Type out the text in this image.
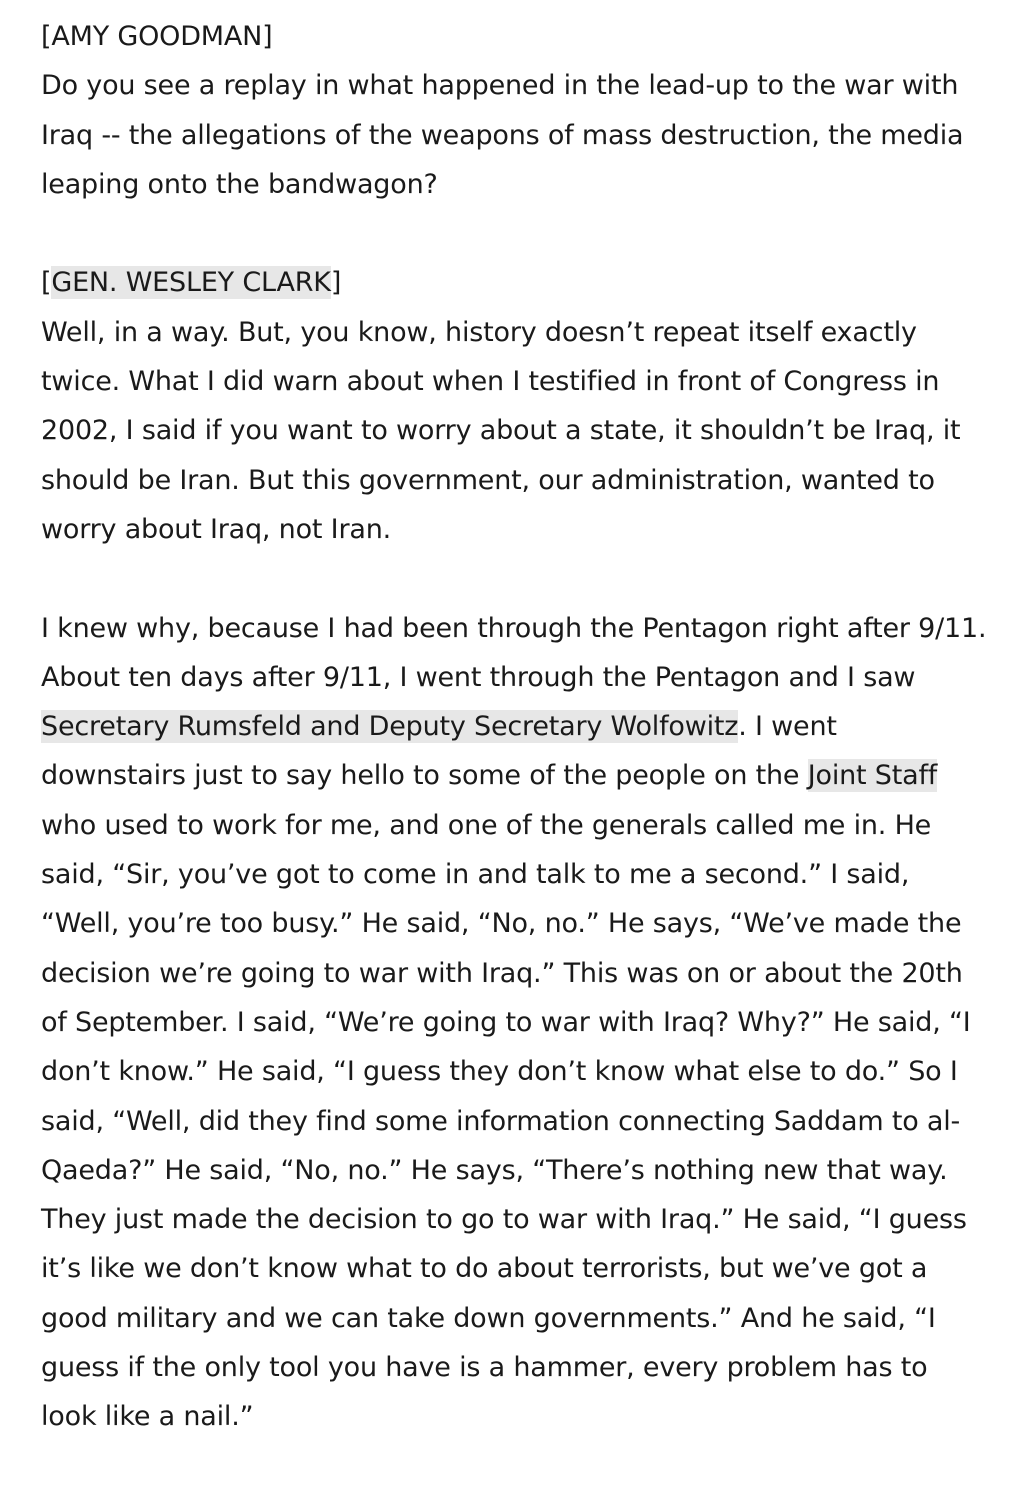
[AMY GOODMAN]
Do you see a replay in what happened in the lead-up to the war with Iraq -- the allegations of the weapons of mass destruction, the media leaping onto the bandwagon?
[GEN. WESLEY CLARK]
Well, in a way. But, you know, history doesn’t repeat itself exactly twice. What I did warn about when I testified in front of Congress in 2002, I said if you want to worry about a state, it shouldn’t be Iraq, it should be Iran. But this government, our administration, wanted to worry about Iraq, not Iran.
I knew why, because I had been through the Pentagon right after 9/11. About ten days after 9/11, I went through the Pentagon and I saw Secretary Rumsfeld and Deputy Secretary Wolfowitz. I went downstairs just to say hello to some of the people on the Joint Staff who used to work for me, and one of the generals called me in. He said, “Sir, you’ve got to come in and talk to me a second.” I said, “Well, you’re too busy.” He said, “No, no.” He says, “We’ve made the decision we’re going to war with Iraq.” This was on or about the 20th of September. I said, “We’re going to war with Iraq? Why?” He said, “I don’t know.” He said, “I guess they don’t know what else to do.” So I said, “Well, did they find some information connecting Saddam to al-Qaeda?” He said, “No, no.” He says, “There’s nothing new that way. They just made the decision to go to war with Iraq.” He said, “I guess it’s like we don’t know what to do about terrorists, but we’ve got a good military and we can take down governments.” And he said, “I guess if the only tool you have is a hammer, every problem has to look like a nail.”
